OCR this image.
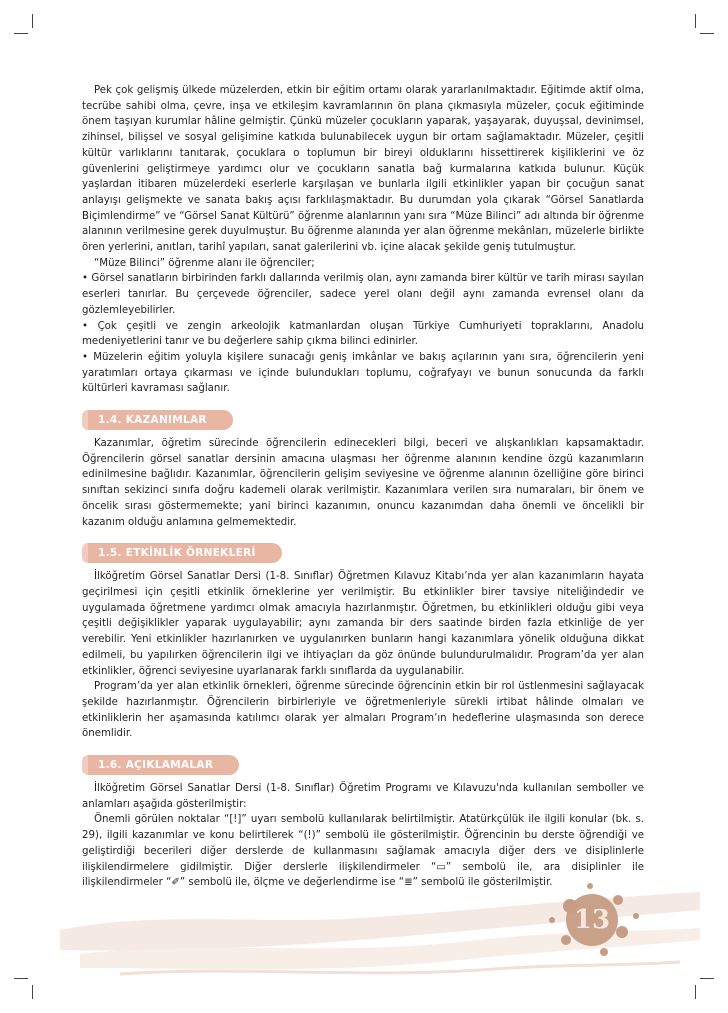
Pek çok gelişmiş ülkede müzelerden, etkin bir eğitim ortamı olarak yararlanılmaktadır. Eğitimde aktif olma, tecrübe sahibi olma, çevre, inşa ve etkileşim kavramlarının ön plana çıkmasıyla müzeler, çocuk eğitiminde önem taşıyan kurumlar hâline gelmiştir. Çünkü müzeler çocukların yaparak, yaşayarak, duyuşsal, devinimsel, zihinsel, bilişsel ve sosyal gelişimine katkıda bulunabilecek uygun bir ortam sağlamaktadır. Müzeler, çeşitli kültür varlıklarını tanıtarak, çocuklara o toplumun bir bireyi olduklarını hissettirerek kişiliklerini ve öz güvenlerini geliştirmeye yardımcı olur ve çocukların sanatla bağ kurmalarına katkıda bulunur. Küçük yaşlardan itibaren müzelerdeki eserlerle karşılaşan ve bunlarla ilgili etkinlikler yapan bir çocuğun sanat anlayışı gelişmekte ve sanata bakış açısı farklılaşmaktadır. Bu durumdan yola çıkarak “Görsel Sanatlarda Biçimlendirme” ve “Görsel Sanat Kültürü” öğrenme alanlarının yanı sıra “Müze Bilinci” adı altında bir öğrenme alanının verilmesine gerek duyulmuştur. Bu öğrenme alanında yer alan öğrenme mekânları, müzelerle birlikte ören yerlerini, anıtları, tarihî yapıları, sanat galerilerini vb. içine alacak şekilde geniş tutulmuştur.

“Müze Bilinci” öğrenme alanı ile öğrenciler;

• Görsel sanatların birbirinden farklı dallarında verilmiş olan, aynı zamanda birer kültür ve tarih mirası sayılan eserleri tanırlar. Bu çerçevede öğrenciler, sadece yerel olanı değil aynı zamanda evrensel olanı da gözlemleyebilirler.

• Çok çeşitli ve zengin arkeolojik katmanlardan oluşan Türkiye Cumhuriyeti topraklarını, Anadolu medeniyetlerini tanır ve bu değerlere sahip çıkma bilinci edinirler.

• Müzelerin eğitim yoluyla kişilere sunacağı geniş imkânlar ve bakış açılarının yanı sıra, öğrencilerin yeni yaratımları ortaya çıkarması ve içinde bulundukları toplumu, coğrafyayı ve bunun sonucunda da farklı kültürleri kavraması sağlanır.

1.4. KAZANIMLAR

Kazanımlar, öğretim sürecinde öğrencilerin edinecekleri bilgi, beceri ve alışkanlıkları kapsamaktadır. Öğrencilerin görsel sanatlar dersinin amacına ulaşması her öğrenme alanının kendine özgü kazanımların edinilmesine bağlıdır. Kazanımlar, öğrencilerin gelişim seviyesine ve öğrenme alanının özelliğine göre birinci sınıftan sekizinci sınıfa doğru kademeli olarak verilmiştir. Kazanımlara verilen sıra numaraları, bir önem ve öncelik sırası göstermemekte; yani birinci kazanımın, onuncu kazanımdan daha önemli ve öncelikli bir kazanım olduğu anlamına gelmemektedir.

1.5. ETKİNLİK ÖRNEKLERİ

İlköğretim Görsel Sanatlar Dersi (1-8. Sınıflar) Öğretmen Kılavuz Kitabı’nda yer alan kazanımların hayata geçirilmesi için çeşitli etkinlik örneklerine yer verilmiştir. Bu etkinlikler birer tavsiye niteliğindedir ve uygulamada öğretmene yardımcı olmak amacıyla hazırlanmıştır. Öğretmen, bu etkinlikleri olduğu gibi veya çeşitli değişiklikler yaparak uygulayabilir; aynı zamanda bir ders saatinde birden fazla etkinliğe de yer verebilir. Yeni etkinlikler hazırlanırken ve uygulanırken bunların hangi kazanımlara yönelik olduğuna dikkat edilmeli, bu yapılırken öğrencilerin ilgi ve ihtiyaçları da göz önünde bulundurulmalıdır. Program’da yer alan etkinlikler, öğrenci seviyesine uyarlanarak farklı sınıflarda da uygulanabilir.

Program’da yer alan etkinlik örnekleri, öğrenme sürecinde öğrencinin etkin bir rol üstlenmesini sağlayacak şekilde hazırlanmıştır. Öğrencilerin birbirleriyle ve öğretmenleriyle sürekli irtibat hâlinde olmaları ve etkinliklerin her aşamasında katılımcı olarak yer almaları Program’ın hedeflerine ulaşmasında son derece önemlidir.

1.6. AÇIKLAMALAR

İlköğretim Görsel Sanatlar Dersi (1-8. Sınıflar) Öğretim Programı ve Kılavuzu'nda kullanılan semboller ve anlamları aşağıda gösterilmiştir:

Önemli görülen noktalar “[!]” uyarı sembolü kullanılarak belirtilmiştir. Atatürkçülük ile ilgili konular (bk. s. 29), ilgili kazanımlar ve konu belirtilerek “(!)” sembolü ile gösterilmiştir. Öğrencinin bu derste öğrendiği ve geliştirdiği becerileri diğer derslerde de kullanmasını sağlamak amacıyla diğer ders ve disiplinlerle ilişkilendirmelere gidilmiştir. Diğer derslerle ilişkilendirmeler “▭” sembolü ile, ara disiplinler ile ilişkilendirmeler “✐” sembolü ile, ölçme ve değerlendirme ise “≣” sembolü ile gösterilmiştir.

13
